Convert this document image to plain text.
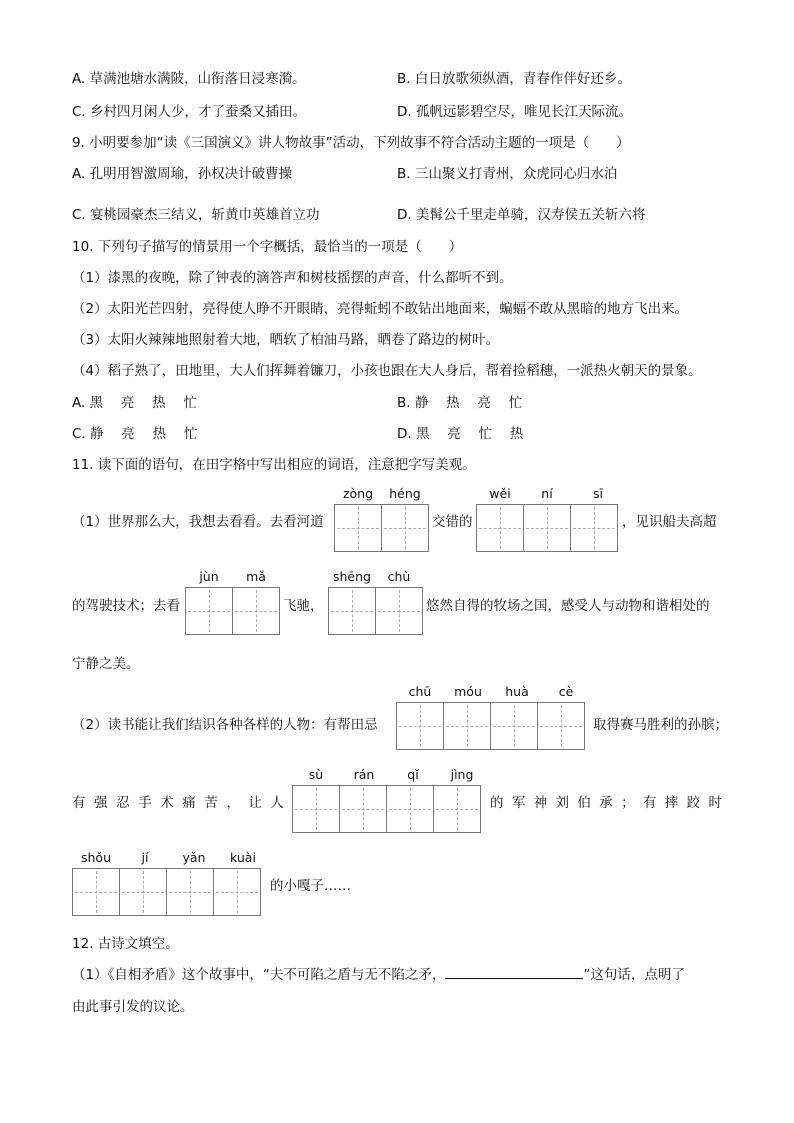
A. 草满池塘水满陂，山衔落日浸寒漪。	B. 白日放歌须纵酒，青春作伴好还乡。
C. 乡村四月闲人少，才了蚕桑又插田。	D. 孤帆远影碧空尽，唯见长江天际流。
9. 小明要参加“读《三国演义》讲人物故事”活动，下列故事不符合活动主题的一项是（　　）
A. 孔明用智激周瑜，孙权决计破曹操	B. 三山聚义打青州，众虎同心归水泊
C. 宴桃园豪杰三结义，斩黄巾英雄首立功	D. 美髯公千里走单骑，汉寿侯五关斩六将
10. 下列句子描写的情景用一个字概括，最恰当的一项是（　　）
（1）漆黑的夜晚，除了钟表的滴答声和树枝摇摆的声音，什么都听不到。
（2）太阳光芒四射，亮得使人睁不开眼睛，亮得蚯蚓不敢钻出地面来，蝙蝠不敢从黑暗的地方飞出来。
（3）太阳火辣辣地照射着大地，晒软了柏油马路，晒卷了路边的树叶。
（4）稻子熟了，田地里，大人们挥舞着镰刀，小孩也跟在大人身后，帮着捡稻穗，一派热火朝天的景象。
A. 黑　 亮　 热　 忙	B. 静　 热　 亮　 忙
C. 静　 亮　 热　 忙	D. 黑　 亮　 忙　 热
11. 读下面的语句，在田字格中写出相应的词语，注意把字写美观。
（1）世界那么大，我想去看看。去看河道
zòng	héng
交错的
wěi	ní	sī
，见识船夫高超
的驾驶技术；去看
jùn	mǎ
飞驰，
shēng	chù
悠然自得的牧场之国，感受人与动物和谐相处的
宁静之美。
（2）读书能让我们结识各种各样的人物：有帮田忌
chū	móu	huà	cè
取得赛马胜利的孙膑；
有 强 忍 手 术 痛 苦 ， 让 人
sù	rán	qǐ	jìng
的 军 神 刘 伯 承 ； 有 摔 跤 时
shǒu	jí	yǎn	kuài
的小嘎子……
12. 古诗文填空。
（1）《自相矛盾》这个故事中，“夫不可陷之盾与无不陷之矛，	”这句话，点明了
由此事引发的议论。
